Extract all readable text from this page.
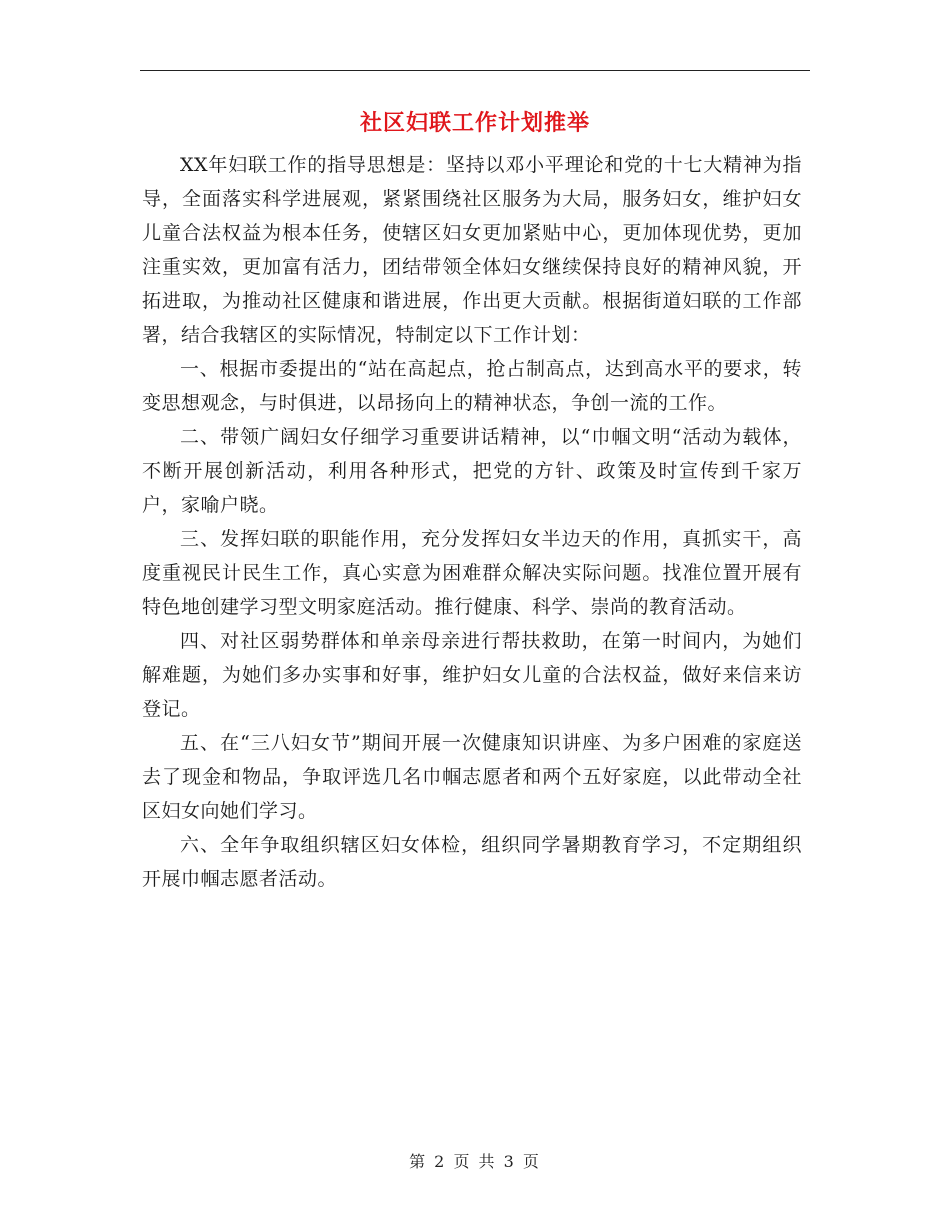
社区妇联工作计划推举

XX年妇联工作的指导思想是：坚持以邓小平理论和党的十七大精神为指导，全面落实科学进展观，紧紧围绕社区服务为大局，服务妇女，维护妇女儿童合法权益为根本任务，使辖区妇女更加紧贴中心，更加体现优势，更加注重实效，更加富有活力，团结带领全体妇女继续保持良好的精神风貌，开拓进取，为推动社区健康和谐进展，作出更大贡献。根据街道妇联的工作部署，结合我辖区的实际情况，特制定以下工作计划：

一、根据市委提出的“站在高起点，抢占制高点，达到高水平的要求，转变思想观念，与时俱进，以昂扬向上的精神状态，争创一流的工作。

二、带领广阔妇女仔细学习重要讲话精神，以“巾帼文明“活动为载体，不断开展创新活动，利用各种形式，把党的方针、政策及时宣传到千家万户，家喻户晓。

三、发挥妇联的职能作用，充分发挥妇女半边天的作用，真抓实干，高度重视民计民生工作，真心实意为困难群众解决实际问题。找准位置开展有特色地创建学习型文明家庭活动。推行健康、科学、崇尚的教育活动。

四、对社区弱势群体和单亲母亲进行帮扶救助，在第一时间内，为她们解难题，为她们多办实事和好事，维护妇女儿童的合法权益，做好来信来访登记。

五、在“三八妇女节”期间开展一次健康知识讲座、为多户困难的家庭送去了现金和物品，争取评选几名巾帼志愿者和两个五好家庭，以此带动全社区妇女向她们学习。

六、全年争取组织辖区妇女体检，组织同学暑期教育学习，不定期组织开展巾帼志愿者活动。

第 2 页 共 3 页
